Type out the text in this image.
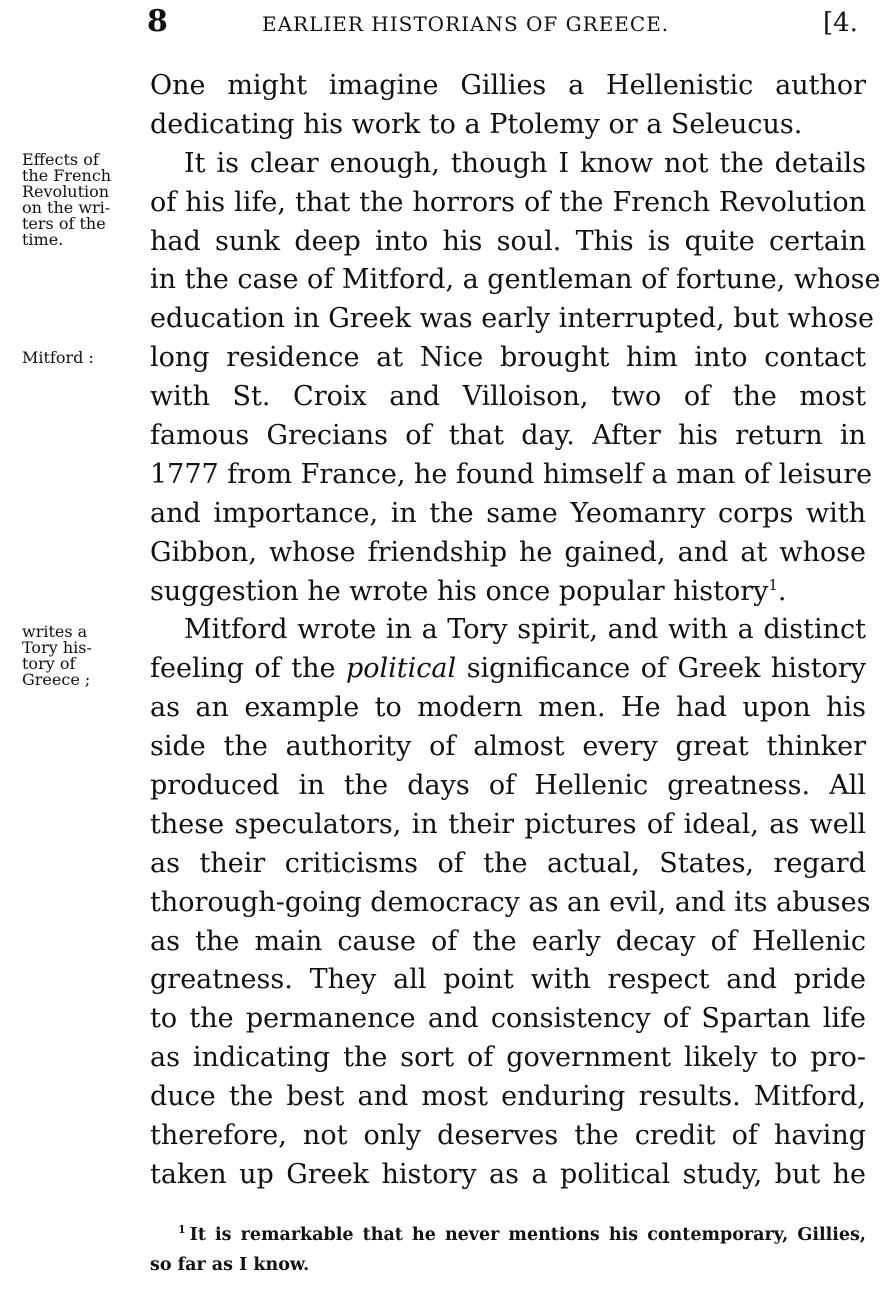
8	EARLIER HISTORIANS OF GREECE.	[4.
Effects of
the French
Revolution
on the wri-
ters of the
time.
Mitford :
writes a
Tory his-
tory of
Greece ;
One might imagine Gillies a Hellenistic author
dedicating his work to a Ptolemy or a Seleucus.
It is clear enough, though I know not the details
of his life, that the horrors of the French Revolution
had sunk deep into his soul. This is quite certain
in the case of Mitford, a gentleman of fortune, whose
education in Greek was early interrupted, but whose
long residence at Nice brought him into contact
with St. Croix and Villoison, two of the most
famous Grecians of that day. After his return in
1777 from France, he found himself a man of leisure
and importance, in the same Yeomanry corps with
Gibbon, whose friendship he gained, and at whose
suggestion he wrote his once popular history$^1$.
Mitford wrote in a Tory spirit, and with a distinct
feeling of the political significance of Greek history
as an example to modern men. He had upon his
side the authority of almost every great thinker
produced in the days of Hellenic greatness. All
these speculators, in their pictures of ideal, as well
as their criticisms of the actual, States, regard
thorough-going democracy as an evil, and its abuses
as the main cause of the early decay of Hellenic
greatness. They all point with respect and pride
to the permanence and consistency of Spartan life
as indicating the sort of government likely to pro-
duce the best and most enduring results. Mitford,
therefore, not only deserves the credit of having
taken up Greek history as a political study, but he
$^1$ It is remarkable that he never mentions his contemporary, Gillies,
so far as I know.
